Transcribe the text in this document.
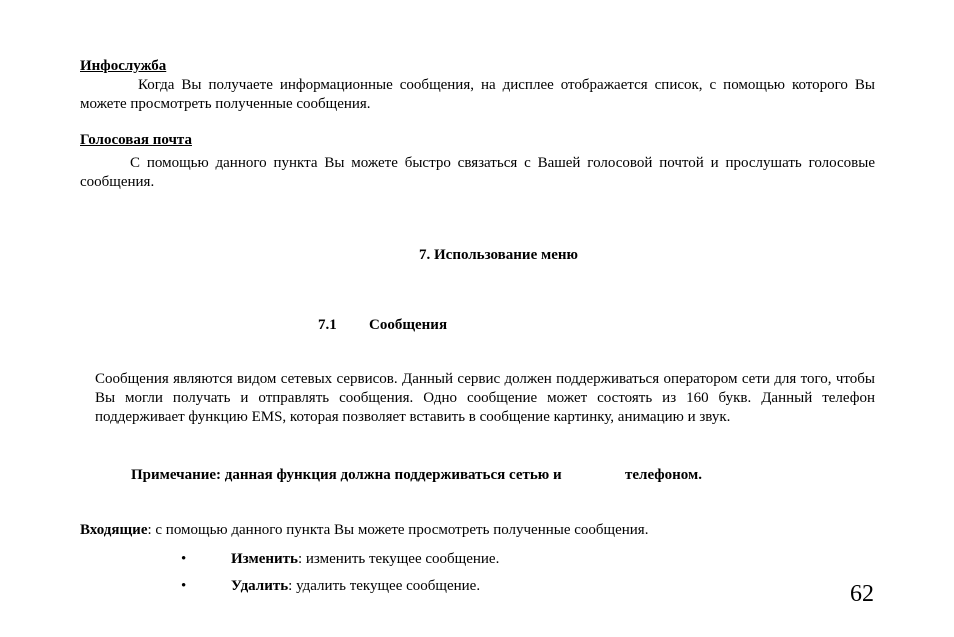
Инфослужба
Когда Вы получаете информационные сообщения, на дисплее отображается список, с помощью которого Вы можете просмотреть полученные сообщения.
Голосовая почта
С помощью данного пункта Вы можете быстро связаться с Вашей голосовой почтой и прослушать голосовые сообщения.
7. Использование меню
7.1 Сообщения
Сообщения являются видом сетевых сервисов. Данный сервис должен поддерживаться оператором сети для того, чтобы Вы могли получать и отправлять сообщения. Одно сообщение может состоять из 160 букв. Данный телефон поддерживает функцию EMS, которая позволяет вставить в сообщение картинку, анимацию и звук.
Примечание: данная функция должна поддерживаться сетью и	телефоном.
Входящие: с помощью данного пункта Вы можете просмотреть полученные сообщения.
•	Изменить: изменить текущее сообщение.
•	Удалить: удалить текущее сообщение.	62
